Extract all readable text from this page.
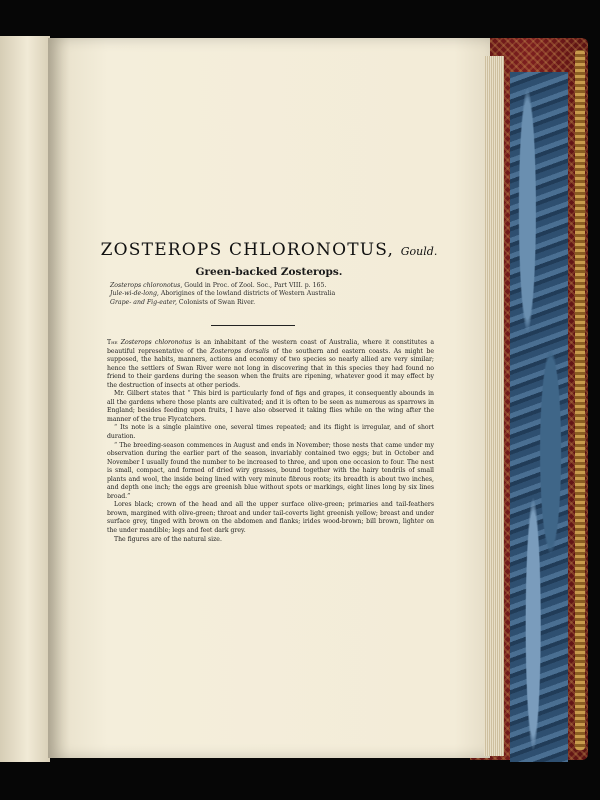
ZOSTEROPS CHLORONOTUS, Gould.
Green-backed Zosterops.
Zosterops chloronotus, Gould in Proc. of Zool. Soc., Part VIII. p. 165.
Jule-wi-de-long, Aborigines of the lowland districts of Western Australia
Grape- and Fig-eater, Colonists of Swan River.

The Zosterops chloronotus is an inhabitant of the western coast of Australia, where it constitutes a beautiful representative of the Zosterops dorsalis of the southern and eastern coasts. As might be supposed, the habits, manners, actions and economy of two species so nearly allied are very similar; hence the settlers of Swan River were not long in discovering that in this species they had found no friend to their gardens during the season when the fruits are ripening, whatever good it may effect by the destruction of insects at other periods.

Mr. Gilbert states that “ This bird is particularly fond of figs and grapes, it consequently abounds in all the gardens where those plants are cultivated; and it is often to be seen as numerous as sparrows in England; besides feeding upon fruits, I have also observed it taking flies while on the wing after the manner of the true Flycatchers.

“ Its note is a single plaintive one, several times repeated; and its flight is irregular, and of short duration.

“ The breeding-season commences in August and ends in November; those nests that came under my observation during the earlier part of the season, invariably contained two eggs; but in October and November I usually found the number to be increased to three, and upon one occasion to four. The nest is small, compact, and formed of dried wiry grasses, bound together with the hairy tendrils of small plants and wool, the inside being lined with very minute fibrous roots; its breadth is about two inches, and depth one inch; the eggs are greenish blue without spots or markings, eight lines long by six lines broad.”

Lores black; crown of the head and all the upper surface olive-green; primaries and tail-feathers brown, margined with olive-green; throat and under tail-coverts light greenish yellow; breast and under surface grey, tinged with brown on the abdomen and flanks; irides wood-brown; bill brown, lighter on the under mandible; legs and feet dark grey.

The figures are of the natural size.
